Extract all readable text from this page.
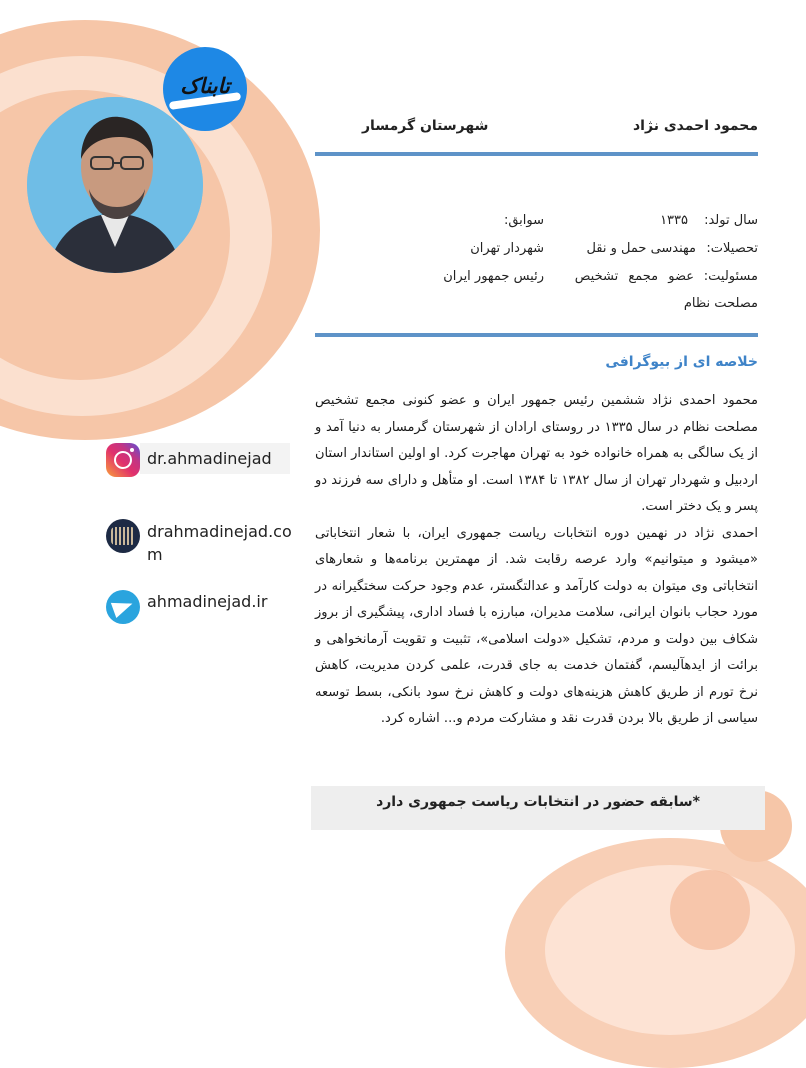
تابناک
محمود احمدی نژاد
شهرستان گرمسار
سال تولد:
۱۳۳۵
سوابق:
تحصیلات:
مهندسی حمل و نقل
شهردار تهران
مسئولیت:
عضو مجمع تشخیص
رئیس جمهور ایران
مصلحت نظام
خلاصه ای از بیوگرافی

محمود احمدی نژاد ششمین رئیس جمهور ایران و عضو کنونی مجمع تشخیص مصلحت نظام در سال ۱۳۳۵ در روستای ارادان از شهرستان گرمسار به دنیا آمد و از یک سالگی به همراه خانواده خود به تهران مهاجرت کرد. او اولین استاندار استان اردبیل و شهردار تهران از سال ۱۳۸۲ تا ۱۳۸۴ است. او متأهل و دارای سه فرزند دو پسر و یک دختر است.

احمدی نژاد در نهمین دوره انتخابات ریاست جمهوری ایران، با شعار انتخاباتی «میشود و میتوانیم» وارد عرصه رقابت شد. از مهمترین برنامه‌ها و شعارهای انتخاباتی وی میتوان به دولت کارآمد و عدالتگستر، عدم وجود حرکت سختگیرانه در مورد حجاب بانوان ایرانی، سلامت مدیران، مبارزه با فساد اداری، پیشگیری از بروز شکاف بین دولت و مردم، تشکیل «دولت اسلامی»، تثبیت و تقویت آرمانخواهی و برائت از ایدهآلیسم، گفتمان خدمت به جای قدرت، علمی کردن مدیریت، کاهش نرخ تورم از طریق کاهش هزینه‌های دولت و کاهش نرخ سود بانکی، بسط توسعه سیاسی از طریق بالا بردن قدرت نقد و مشارکت مردم و... اشاره کرد.

*سابقه حضور در انتخابات ریاست جمهوری دارد
dr.ahmadinejad
drahmadinejad.co
m
ahmadinejad.ir
